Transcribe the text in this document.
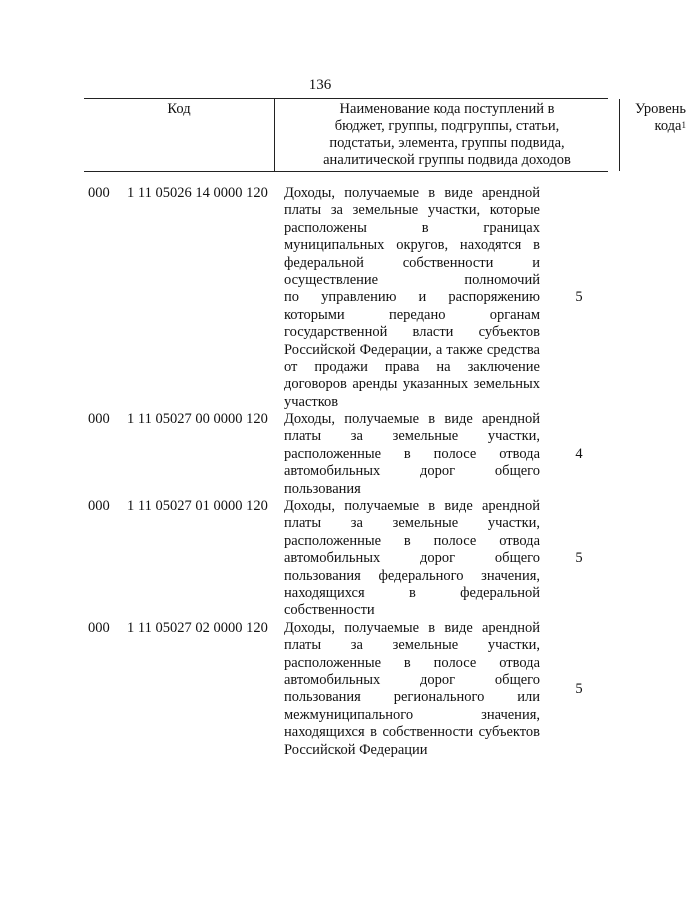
136
Код	Наименование кода поступлений в
бюджет, группы, подгруппы, статьи,
подстатьи, элемента, группы подвида,
аналитической группы подвида доходов
Уровень
кода$^1$
000 1 11 05026 14 0000 120 Доходы, получаемые в виде арендной
платы за земельные участки, которые
расположены в границах
муниципальных округов, находятся в
федеральной собственности и
осуществление полномочий
по управлению и распоряжению
которыми передано органам
государственной власти субъектов
Российской Федерации, а также средства
от продажи права на заключение
договоров аренды указанных земельных
участков
5
000 1 11 05027 00 0000 120 Доходы, получаемые в виде арендной
платы за земельные участки,
расположенные в полосе отвода
автомобильных дорог общего
пользования
4
000 1 11 05027 01 0000 120 Доходы, получаемые в виде арендной
платы за земельные участки,
расположенные в полосе отвода
автомобильных дорог общего
пользования федерального значения,
находящихся в федеральной
собственности
5
000 1 11 05027 02 0000 120 Доходы, получаемые в виде арендной
платы за земельные участки,
расположенные в полосе отвода
автомобильных дорог общего
пользования регионального или
межмуниципального значения,
находящихся в собственности субъектов
Российской Федерации
5
